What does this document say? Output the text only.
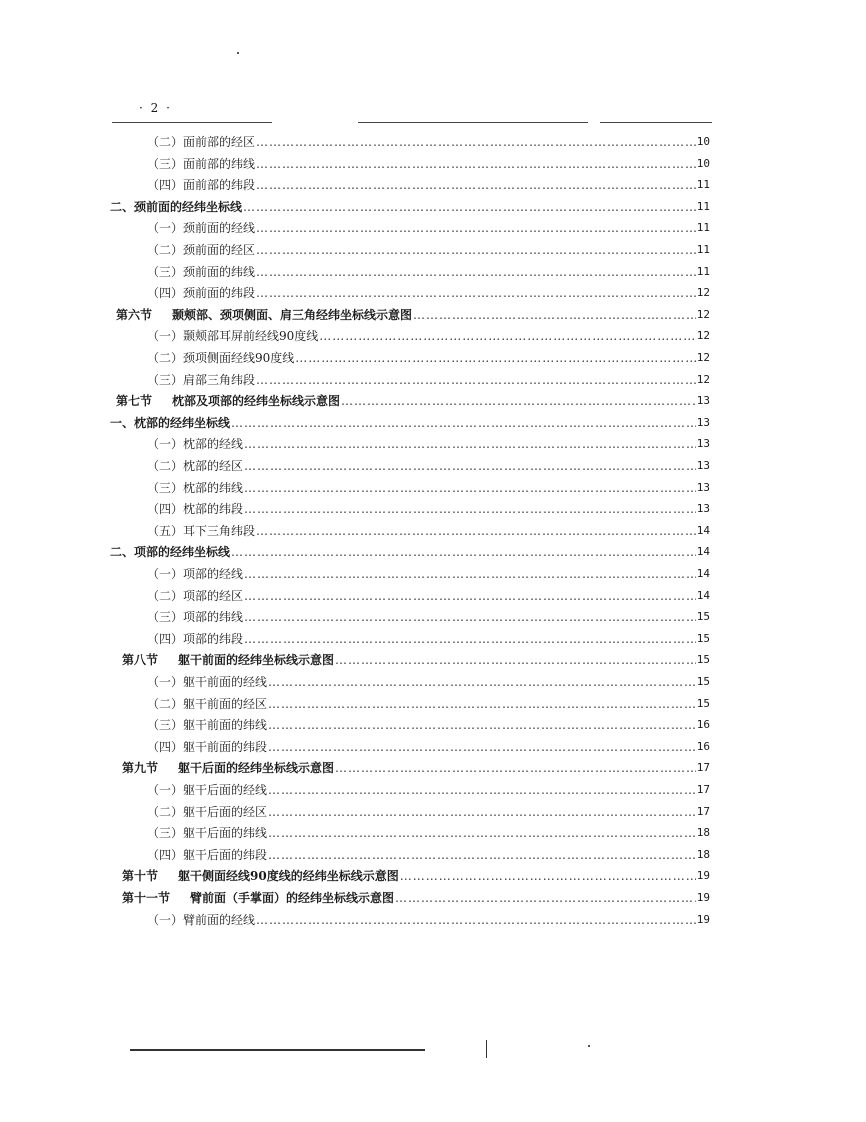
· 2 ·
（二）面前部的经区 ……………………………………………………………………………………………………………………………………………………………………………………………………	10
（三）面前部的纬线 ……………………………………………………………………………………………………………………………………………………………………………………………………	10
（四）面前部的纬段 ……………………………………………………………………………………………………………………………………………………………………………………………………	11
二、颈前面的经纬坐标线 ……………………………………………………………………………………………………………………………………………………………………………………………………	11
（一）颈前面的经线 ……………………………………………………………………………………………………………………………………………………………………………………………………	11
（二）颈前面的经区 ……………………………………………………………………………………………………………………………………………………………………………………………………	11
（三）颈前面的纬线 ……………………………………………………………………………………………………………………………………………………………………………………………………	11
（四）颈前面的纬段 ……………………………………………………………………………………………………………………………………………………………………………………………………	12
第六节 颞颊部、颈项侧面、肩三角经纬坐标线示意图 ……………………………………………………………………………………………………………………………………………………………………………………………………	12
（一）颞颊部耳屏前经线90度线 ……………………………………………………………………………………………………………………………………………………………………………………………………	12
（二）颈项侧面经线90度线 ……………………………………………………………………………………………………………………………………………………………………………………………………	12
（三）肩部三角纬段 ……………………………………………………………………………………………………………………………………………………………………………………………………	12
第七节 枕部及项部的经纬坐标线示意图 ……………………………………………………………………………………………………………………………………………………………………………………………………	13
一、枕部的经纬坐标线 ……………………………………………………………………………………………………………………………………………………………………………………………………	13
（一）枕部的经线 ……………………………………………………………………………………………………………………………………………………………………………………………………	13
（二）枕部的经区 ……………………………………………………………………………………………………………………………………………………………………………………………………	13
（三）枕部的纬线 ……………………………………………………………………………………………………………………………………………………………………………………………………	13
（四）枕部的纬段 ……………………………………………………………………………………………………………………………………………………………………………………………………	13
（五）耳下三角纬段 ……………………………………………………………………………………………………………………………………………………………………………………………………	14
二、项部的经纬坐标线 ……………………………………………………………………………………………………………………………………………………………………………………………………	14
（一）项部的经线 ……………………………………………………………………………………………………………………………………………………………………………………………………	14
（二）项部的经区 ……………………………………………………………………………………………………………………………………………………………………………………………………	14
（三）项部的纬线 ……………………………………………………………………………………………………………………………………………………………………………………………………	15
（四）项部的纬段 ……………………………………………………………………………………………………………………………………………………………………………………………………	15
第八节 躯干前面的经纬坐标线示意图 ……………………………………………………………………………………………………………………………………………………………………………………………………	15
（一）躯干前面的经线 ……………………………………………………………………………………………………………………………………………………………………………………………………	15
（二）躯干前面的经区 ……………………………………………………………………………………………………………………………………………………………………………………………………	15
（三）躯干前面的纬线 ……………………………………………………………………………………………………………………………………………………………………………………………………	16
（四）躯干前面的纬段 ……………………………………………………………………………………………………………………………………………………………………………………………………	16
第九节 躯干后面的经纬坐标线示意图 ……………………………………………………………………………………………………………………………………………………………………………………………………	17
（一）躯干后面的经线 ……………………………………………………………………………………………………………………………………………………………………………………………………	17
（二）躯干后面的经区 ……………………………………………………………………………………………………………………………………………………………………………………………………	17
（三）躯干后面的纬线 ……………………………………………………………………………………………………………………………………………………………………………………………………	18
（四）躯干后面的纬段 ……………………………………………………………………………………………………………………………………………………………………………………………………	18
第十节 躯干侧面经线90度线的经纬坐标线示意图 ……………………………………………………………………………………………………………………………………………………………………………………………………	19
第十一节 臂前面（手掌面）的经纬坐标线示意图 ……………………………………………………………………………………………………………………………………………………………………………………………………	19
（一）臂前面的经线 ……………………………………………………………………………………………………………………………………………………………………………………………………	19
